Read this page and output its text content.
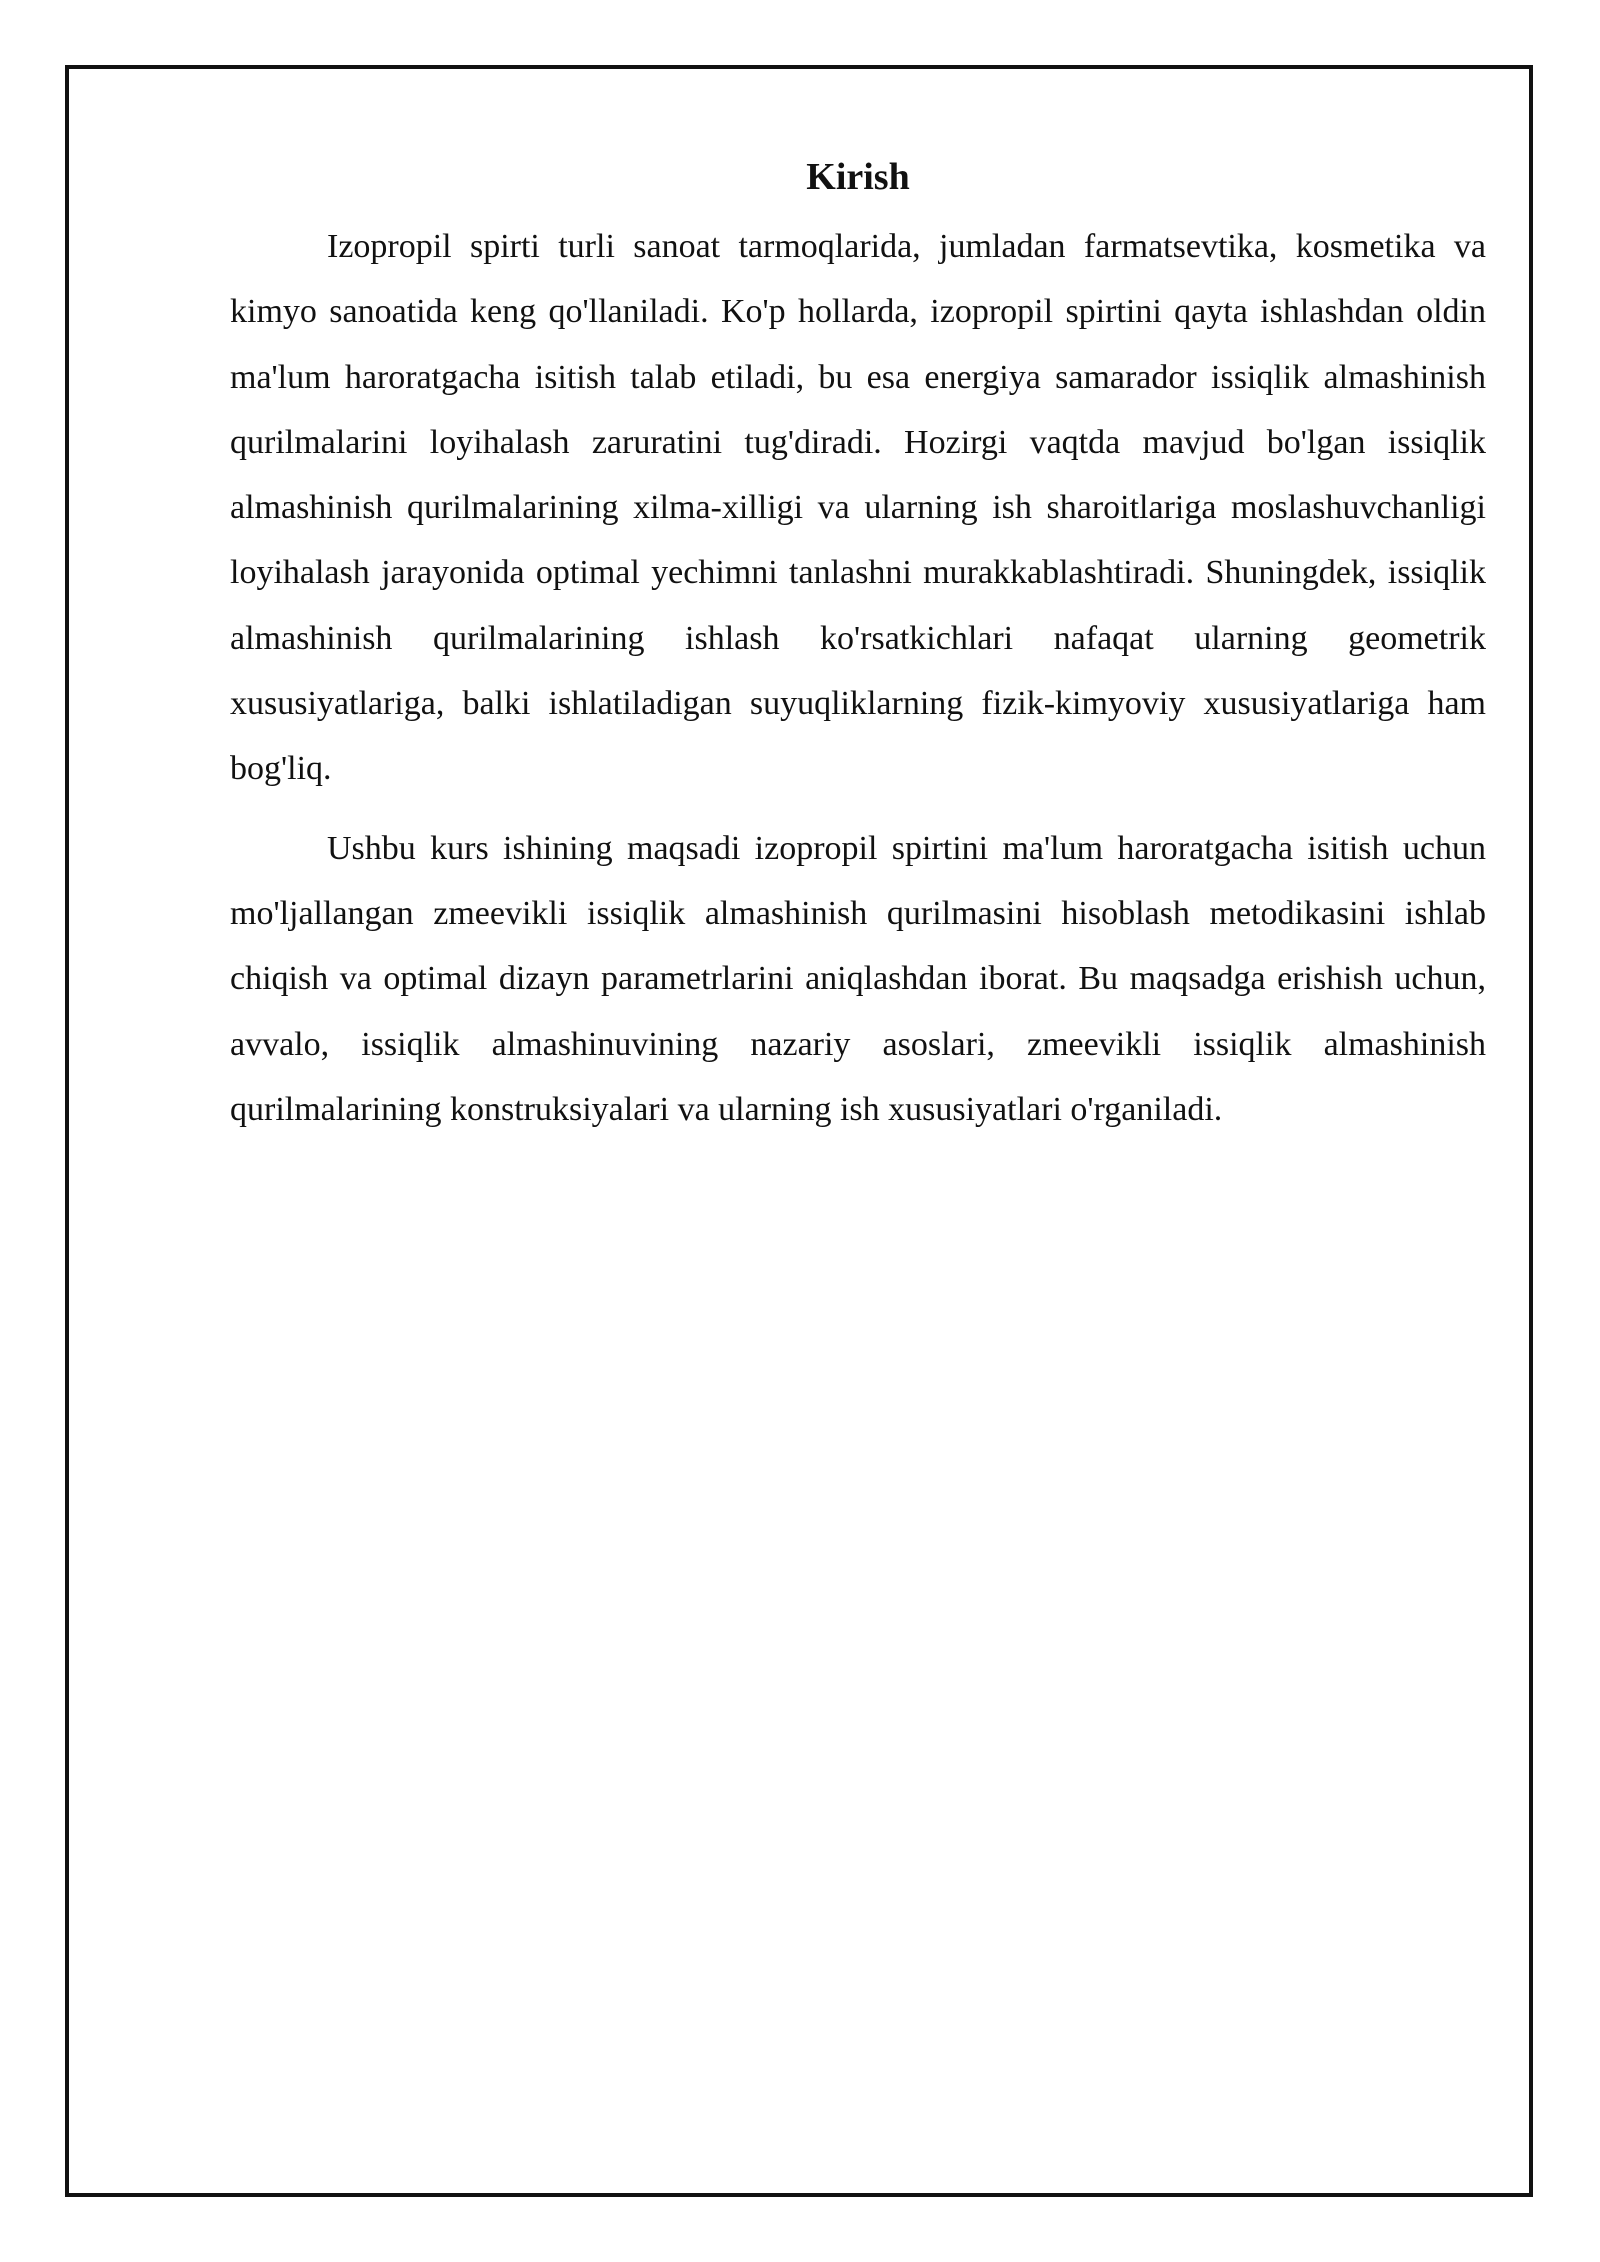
Kirish

Izopropil spirti turli sanoat tarmoqlarida, jumladan farmatsevtika, kosmetika va kimyo sanoatida keng qo'llaniladi. Ko'p hollarda, izopropil spirtini qayta ishlashdan oldin ma'lum haroratgacha isitish talab etiladi, bu esa energiya samarador issiqlik almashinish qurilmalarini loyihalash zaruratini tug'diradi. Hozirgi vaqtda mavjud bo'lgan issiqlik almashinish qurilmalarining xilma-xilligi va ularning ish sharoitlariga moslashuvchanligi loyihalash jarayonida optimal yechimni tanlashni murakkablashtiradi. Shuningdek, issiqlik almashinish qurilmalarining ishlash ko'rsatkichlari nafaqat ularning geometrik xususiyatlariga, balki ishlatiladigan suyuqliklarning fizik-kimyoviy xususiyatlariga ham bog'liq.

Ushbu kurs ishining maqsadi izopropil spirtini ma'lum haroratgacha isitish uchun mo'ljallangan zmeevikli issiqlik almashinish qurilmasini hisoblash metodikasini ishlab chiqish va optimal dizayn parametrlarini aniqlashdan iborat. Bu maqsadga erishish uchun, avvalo, issiqlik almashinuvining nazariy asoslari, zmeevikli issiqlik almashinish qurilmalarining konstruksiyalari va ularning ish xususiyatlari o'rganiladi.
